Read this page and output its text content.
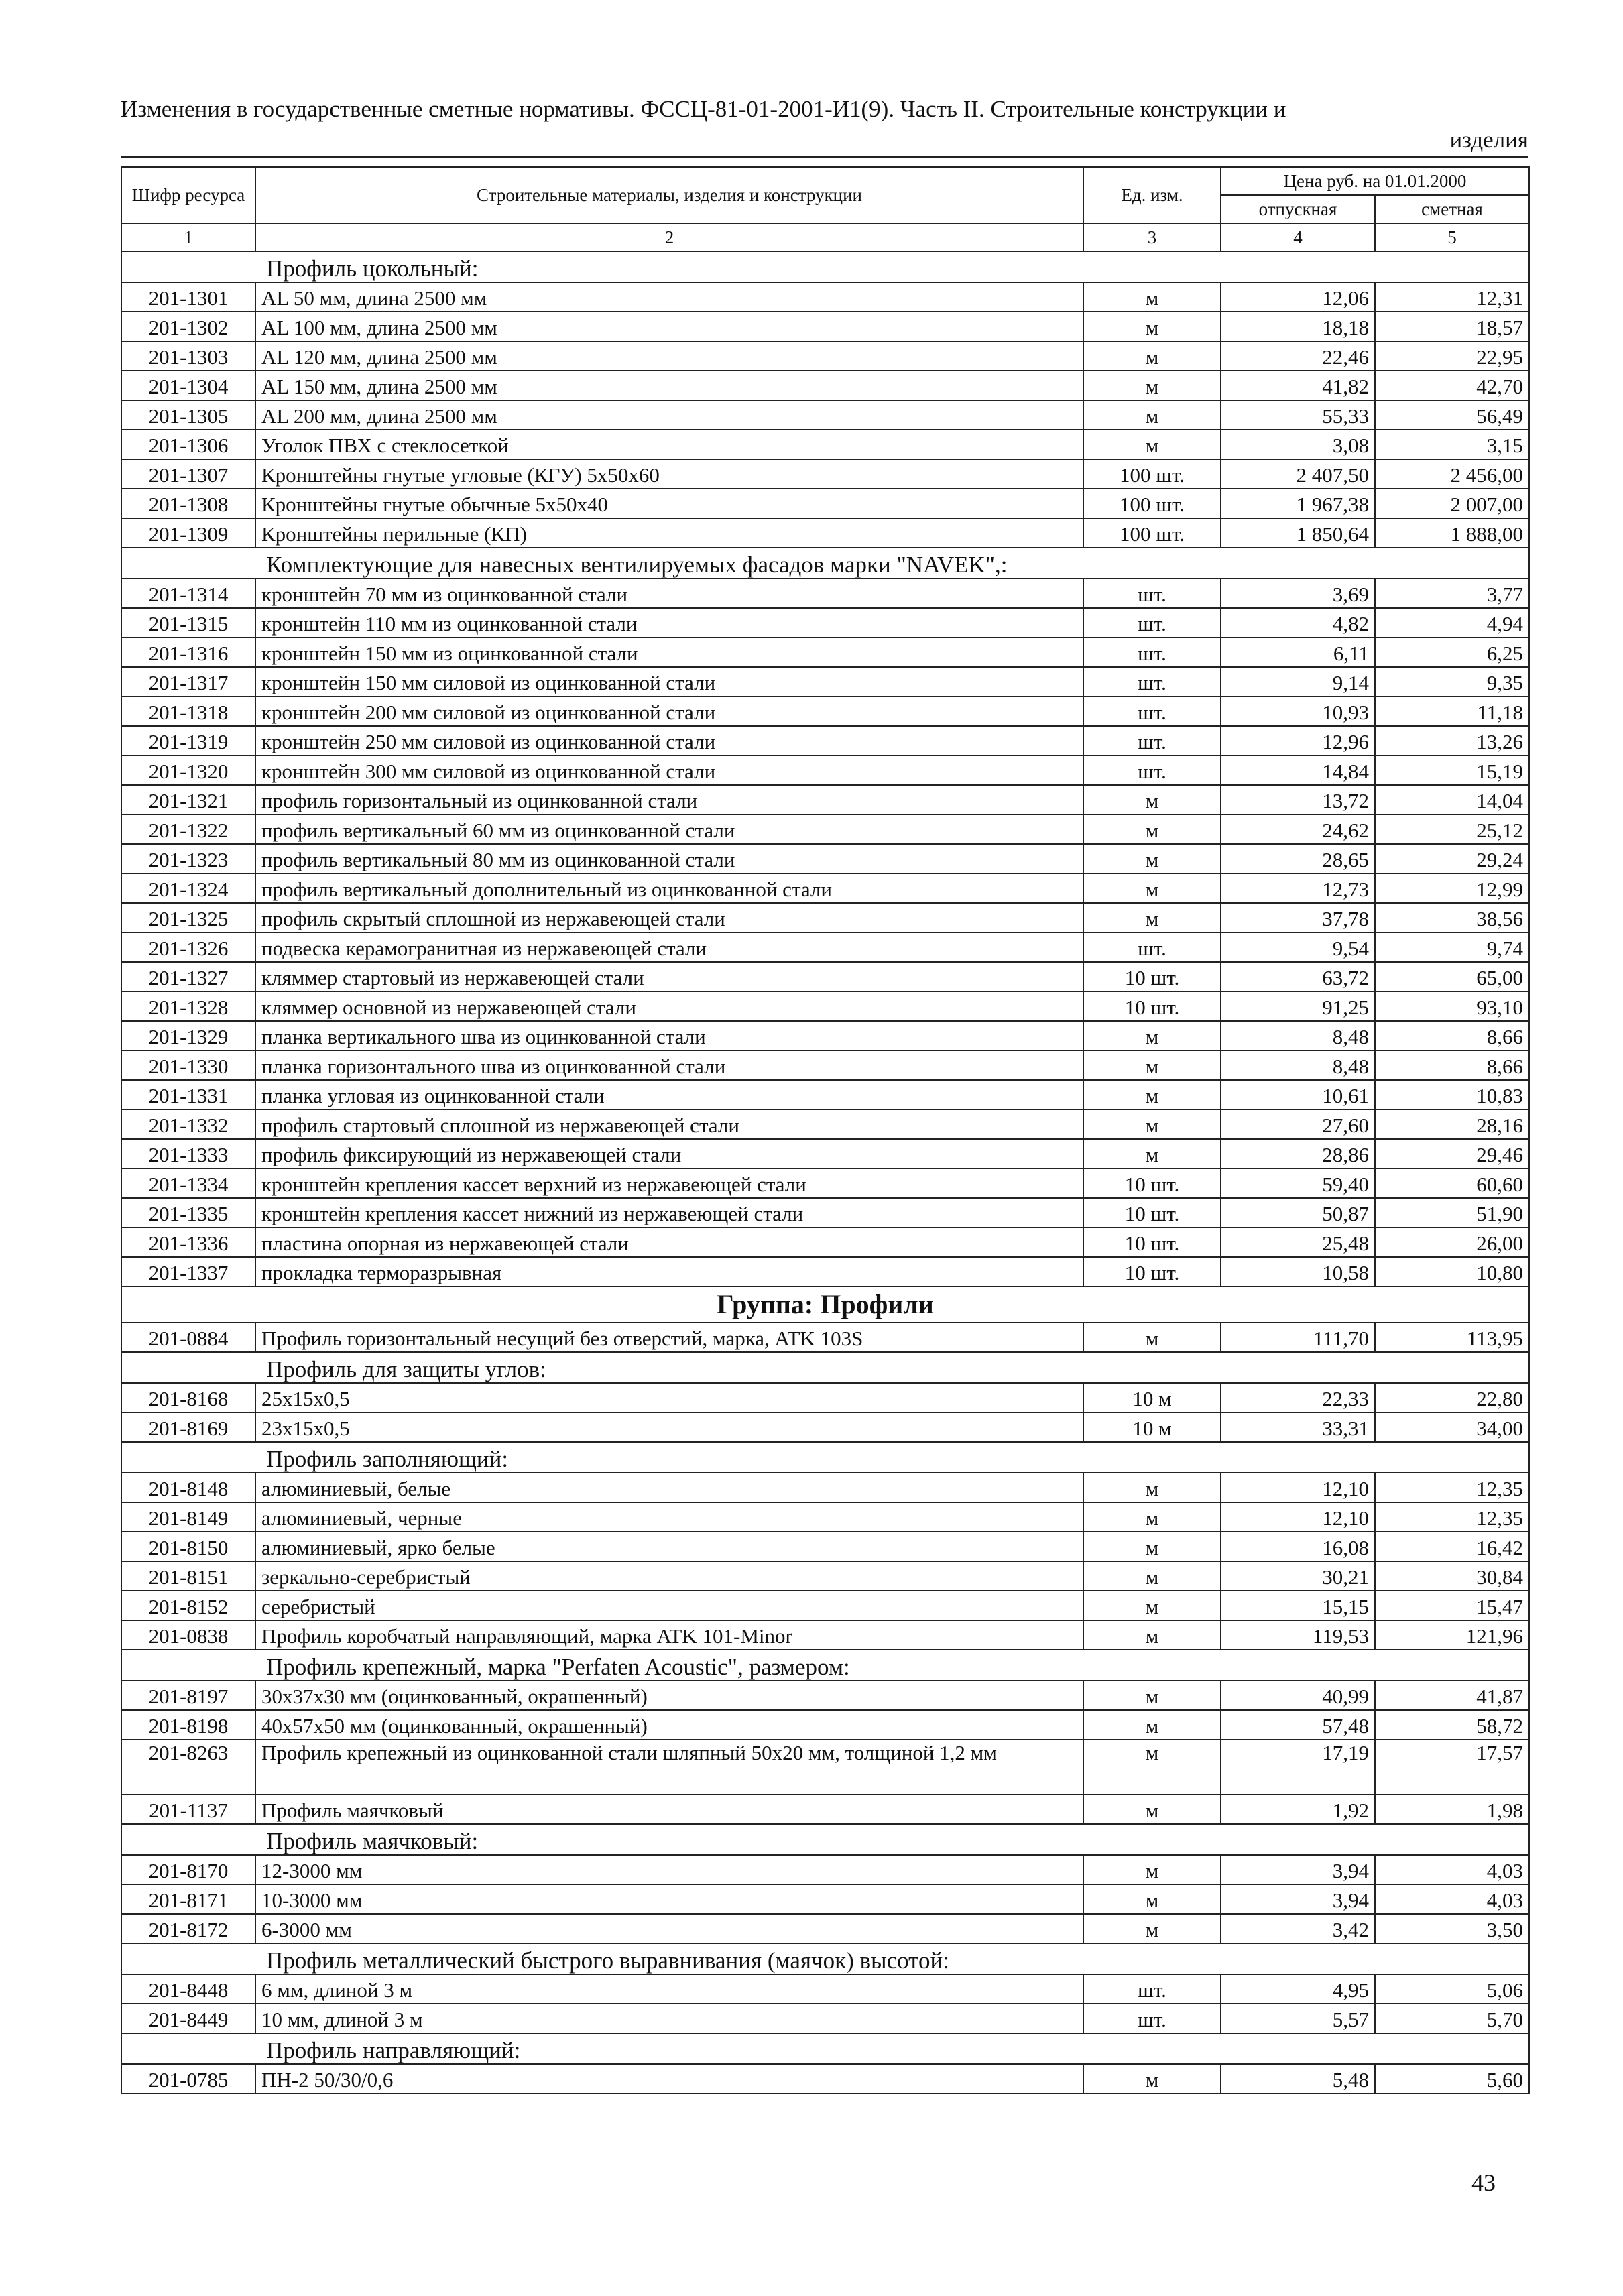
Изменения в государственные сметные нормативы. ФССЦ-81-01-2001-И1(9). Часть II. Строительные конструкции и
изделия
Шифр ресурса	Строительные материалы, изделия и конструкции	Ед. изм.	Цена руб. на 01.01.2000	
			отпускная	сметная
1	2	3	4	5
Профиль цокольный:				
201-1301	AL 50 мм, длина 2500 мм	м	12,06	12,31
201-1302	AL 100 мм, длина 2500 мм	м	18,18	18,57
201-1303	AL 120 мм, длина 2500 мм	м	22,46	22,95
201-1304	AL 150 мм, длина 2500 мм	м	41,82	42,70
201-1305	AL 200 мм, длина 2500 мм	м	55,33	56,49
201-1306	Уголок ПВХ с стеклосеткой	м	3,08	3,15
201-1307	Кронштейны гнутые угловые (КГУ) 5x50x60	100 шт.	2 407,50	2 456,00
201-1308	Кронштейны гнутые обычные 5x50x40	100 шт.	1 967,38	2 007,00
201-1309	Кронштейны перильные (КП)	100 шт.	1 850,64	1 888,00
Комплектующие для навесных вентилируемых фасадов марки "NAVEK",:				
201-1314	кронштейн 70 мм из оцинкованной стали	шт.	3,69	3,77
201-1315	кронштейн 110 мм из оцинкованной стали	шт.	4,82	4,94
201-1316	кронштейн 150 мм из оцинкованной стали	шт.	6,11	6,25
201-1317	кронштейн 150 мм силовой из оцинкованной стали	шт.	9,14	9,35
201-1318	кронштейн 200 мм силовой из оцинкованной стали	шт.	10,93	11,18
201-1319	кронштейн 250 мм силовой из оцинкованной стали	шт.	12,96	13,26
201-1320	кронштейн 300 мм силовой из оцинкованной стали	шт.	14,84	15,19
201-1321	профиль горизонтальный из оцинкованной стали	м	13,72	14,04
201-1322	профиль вертикальный 60 мм из оцинкованной стали	м	24,62	25,12
201-1323	профиль вертикальный 80 мм из оцинкованной стали	м	28,65	29,24
201-1324	профиль вертикальный дополнительный из оцинкованной стали	м	12,73	12,99
201-1325	профиль скрытый сплошной из нержавеющей стали	м	37,78	38,56
201-1326	подвеска керамогранитная из нержавеющей стали	шт.	9,54	9,74
201-1327	кляммер стартовый из нержавеющей стали	10 шт.	63,72	65,00
201-1328	кляммер основной из нержавеющей стали	10 шт.	91,25	93,10
201-1329	планка вертикального шва из оцинкованной стали	м	8,48	8,66
201-1330	планка горизонтального шва из оцинкованной стали	м	8,48	8,66
201-1331	планка угловая из оцинкованной стали	м	10,61	10,83
201-1332	профиль стартовый сплошной из нержавеющей стали	м	27,60	28,16
201-1333	профиль фиксирующий из нержавеющей стали	м	28,86	29,46
201-1334	кронштейн крепления кассет верхний из нержавеющей стали	10 шт.	59,40	60,60
201-1335	кронштейн крепления кассет нижний из нержавеющей стали	10 шт.	50,87	51,90
201-1336	пластина опорная из нержавеющей стали	10 шт.	25,48	26,00
201-1337	прокладка терморазрывная	10 шт.	10,58	10,80
Группа: Профили				
201-0884	Профиль горизонтальный несущий без отверстий, марка, ATK 103S	м	111,70	113,95
Профиль для защиты углов:				
201-8168	25x15x0,5	10 м	22,33	22,80
201-8169	23x15x0,5	10 м	33,31	34,00
Профиль заполняющий:				
201-8148	алюминиевый, белые	м	12,10	12,35
201-8149	алюминиевый, черные	м	12,10	12,35
201-8150	алюминиевый, ярко белые	м	16,08	16,42
201-8151	зеркально-серебристый	м	30,21	30,84
201-8152	серебристый	м	15,15	15,47
201-0838	Профиль коробчатый направляющий, марка ATK 101-Minor	м	119,53	121,96
Профиль крепежный, марка "Perfaten Acoustic", размером:				
201-8197	30x37x30 мм (оцинкованный, окрашенный)	м	40,99	41,87
201-8198	40x57x50 мм (оцинкованный, окрашенный)	м	57,48	58,72
201-8263	Профиль крепежный из оцинкованной стали шляпный 50x20 мм, толщиной 1,2 мм	м	17,19	17,57
201-1137	Профиль маячковый	м	1,92	1,98
Профиль маячковый:				
201-8170	12-3000 мм	м	3,94	4,03
201-8171	10-3000 мм	м	3,94	4,03
201-8172	6-3000 мм	м	3,42	3,50
Профиль металлический быстрого выравнивания (маячок) высотой:				
201-8448	6 мм, длиной 3 м	шт.	4,95	5,06
201-8449	10 мм, длиной 3 м	шт.	5,57	5,70
Профиль направляющий:				
201-0785	ПН-2 50/30/0,6	м	5,48	5,60
43
